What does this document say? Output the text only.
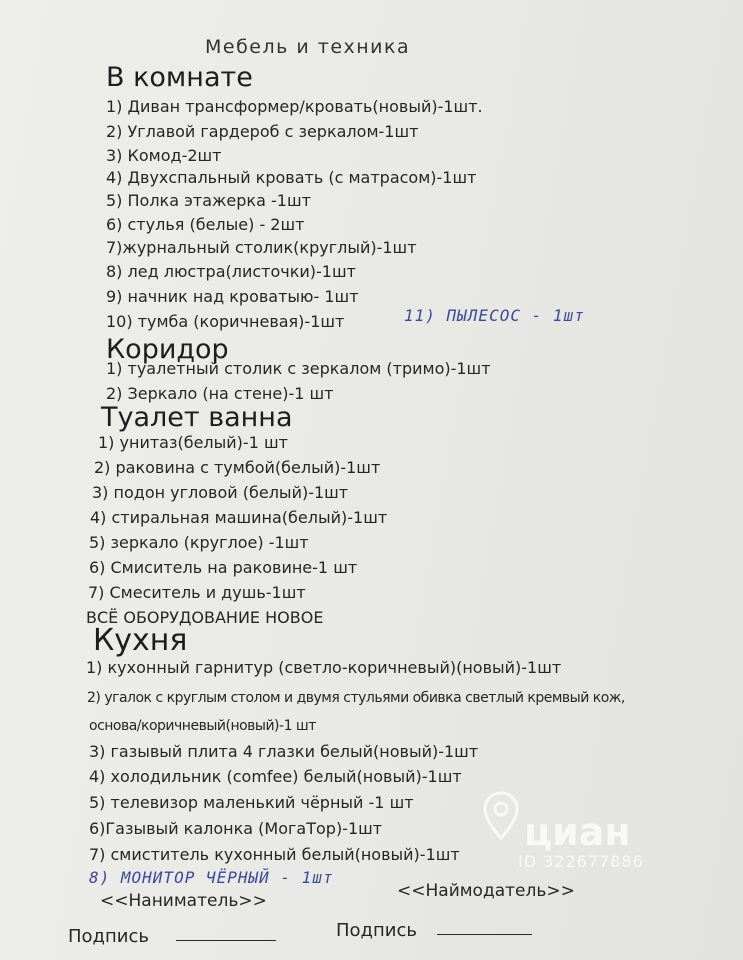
Мебель и техника
В комнате
1) Диван трансформер/кровать(новый)-1шт.
2) Углавой гардероб с зеркалом-1шт
3) Комод-2шт
4) Двухспальный кровать (с матрасом)-1шт
5) Полка этажерка -1шт
6) стулья (белые) - 2шт
7)журнальный столик(круглый)-1шт
8) лед люстра(листочки)-1шт
9) начник над кроватыю- 1шт
10) тумба (коричневая)-1шт	11) ПЫЛЕСОС - 1шт
Коридор
1) туалетный столик с зеркалом (тримо)-1шт
2) Зеркало (на стене)-1 шт
Туалет ванна
1) унитаз(белый)-1 шт
2) раковина с тумбой(белый)-1шт
3) подон угловой (белый)-1шт
4) стиральная машина(белый)-1шт
5) зеркало (круглое) -1шт
6) Смиситель на раковине-1 шт
7) Смеситель и душь-1шт
ВСЁ ОБОРУДОВАНИЕ НОВОЕ
Кухня
1) кухонный гарнитур (светло-коричневый)(новый)-1шт
2) угалок с круглым столом и двумя стульями обивка светлый кремвый кож,
основа/коричневый(новый)-1 шт
3) газывый плита 4 глазки белый(новый)-1шт
4) холодильник (comfee) белый(новый)-1шт
5) телевизор маленький чёрный -1 шт
6)Газывый калонка (МогаТор)-1шт
7) смиститель кухонный белый(новый)-1шт
8) МОНИТОР ЧЁРНЫЙ - 1шт
<<Наниматель>>	<<Наймодатель>>
Подпись	Подпись
циан
ID 322677886
